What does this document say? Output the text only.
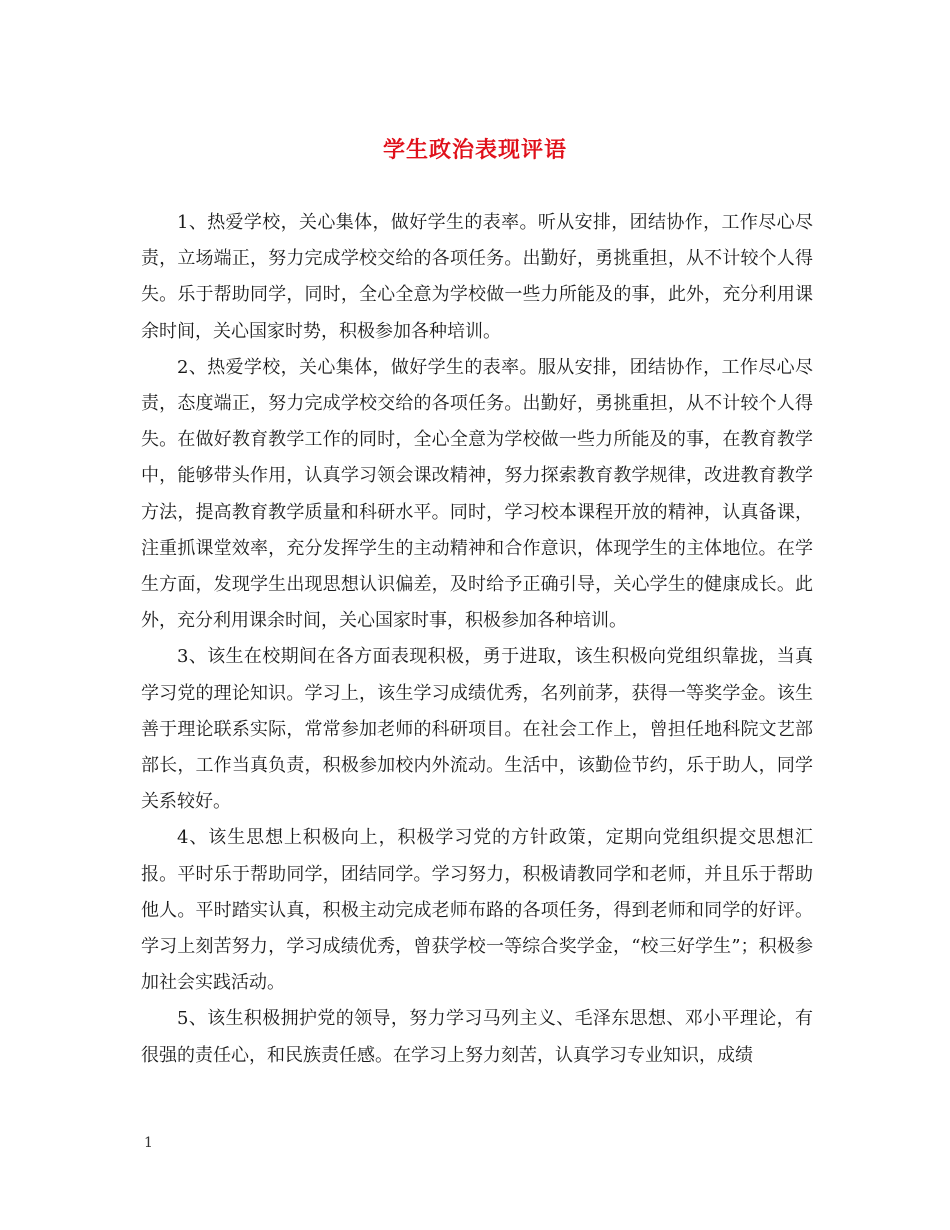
学生政治表现评语

1、热爱学校，关心集体，做好学生的表率。听从安排，团结协作，工作尽心尽责，立场端正，努力完成学校交给的各项任务。出勤好，勇挑重担，从不计较个人得失。乐于帮助同学，同时，全心全意为学校做一些力所能及的事，此外，充分利用课余时间，关心国家时势，积极参加各种培训。

2、热爱学校，关心集体，做好学生的表率。服从安排，团结协作，工作尽心尽责，态度端正，努力完成学校交给的各项任务。出勤好，勇挑重担，从不计较个人得失。在做好教育教学工作的同时，全心全意为学校做一些力所能及的事，在教育教学中，能够带头作用，认真学习领会课改精神，努力探索教育教学规律，改进教育教学方法，提高教育教学质量和科研水平。同时，学习校本课程开放的精神，认真备课，注重抓课堂效率，充分发挥学生的主动精神和合作意识，体现学生的主体地位。在学生方面，发现学生出现思想认识偏差，及时给予正确引导，关心学生的健康成长。此外，充分利用课余时间，关心国家时事，积极参加各种培训。

3、该生在校期间在各方面表现积极，勇于进取，该生积极向党组织靠拢，当真学习党的理论知识。学习上，该生学习成绩优秀，名列前茅，获得一等奖学金。该生善于理论联系实际，常常参加老师的科研项目。在社会工作上，曾担任地科院文艺部部长，工作当真负责，积极参加校内外流动。生活中，该勤俭节约，乐于助人，同学关系较好。

4、该生思想上积极向上，积极学习党的方针政策，定期向党组织提交思想汇报。平时乐于帮助同学，团结同学。学习努力，积极请教同学和老师，并且乐于帮助他人。平时踏实认真，积极主动完成老师布路的各项任务，得到老师和同学的好评。学习上刻苦努力，学习成绩优秀，曾获学校一等综合奖学金，“校三好学生”；积极参加社会实践活动。

5、该生积极拥护党的领导，努力学习马列主义、毛泽东思想、邓小平理论，有很强的责任心，和民族责任感。在学习上努力刻苦，认真学习专业知识，成绩

1
